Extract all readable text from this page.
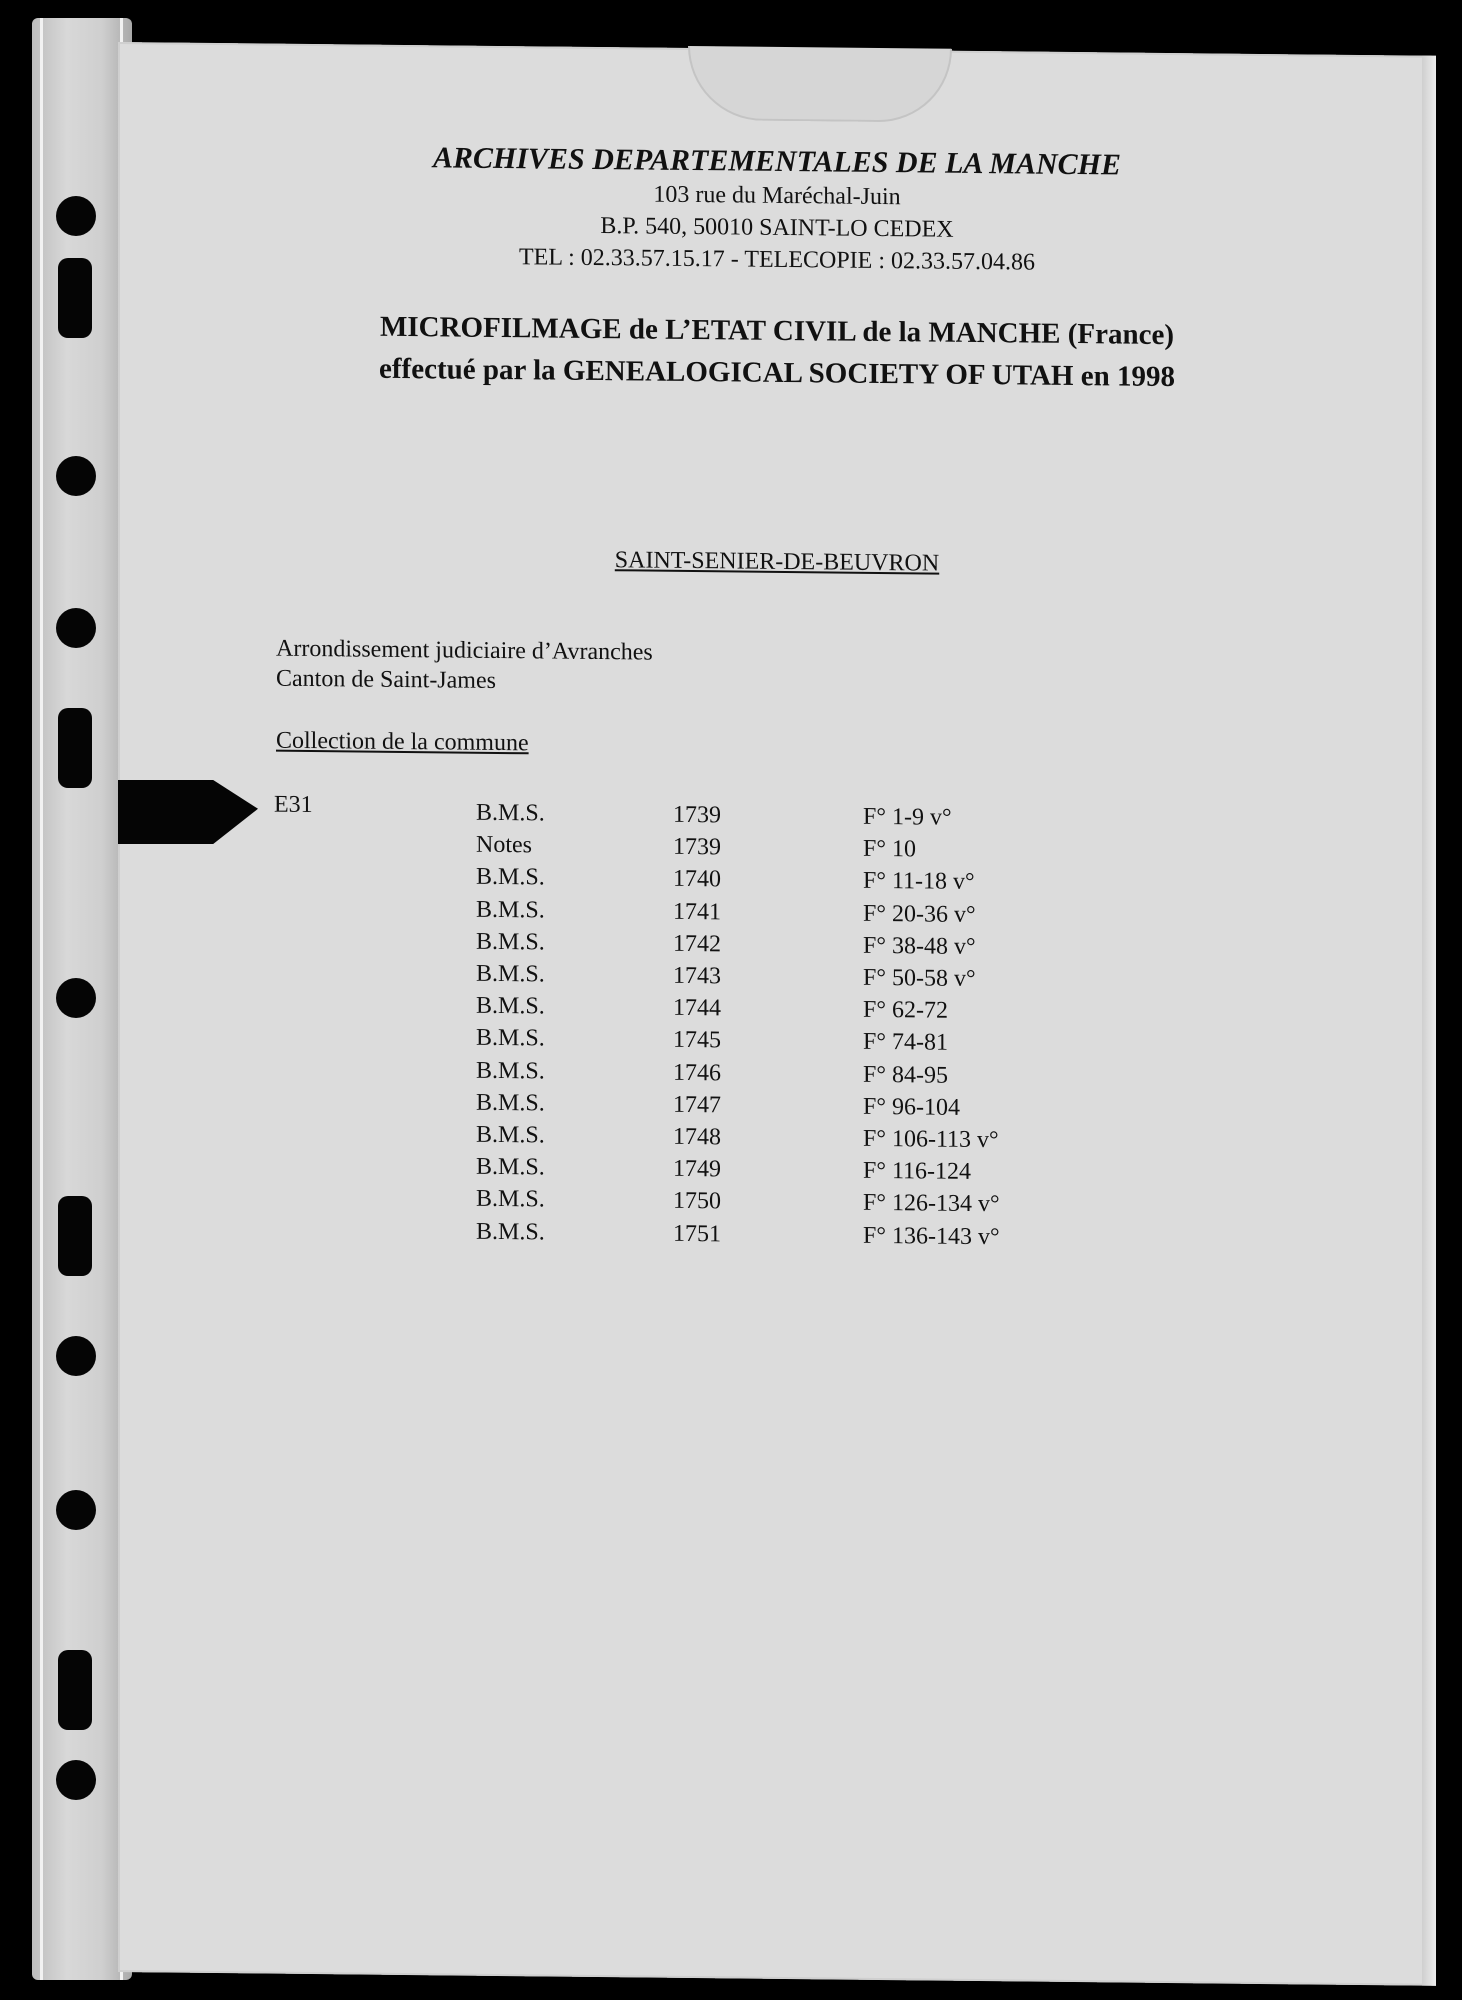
ARCHIVES DEPARTEMENTALES DE LA MANCHE
103 rue du Maréchal-Juin
B.P. 540, 50010 SAINT-LO CEDEX
TEL : 02.33.57.15.17 - TELECOPIE : 02.33.57.04.86
MICROFILMAGE de L’ETAT CIVIL de la MANCHE (France)
effectué par la GENEALOGICAL SOCIETY OF UTAH en 1998
SAINT-SENIER-DE-BEUVRON
Arrondissement judiciaire d’Avranches
Canton de Saint-James
Collection de la commune
E31	B.M.S.	1739	F° 1-9 v°
Notes	1739	F° 10
B.M.S.	1740	F° 11-18 v°
B.M.S.	1741	F° 20-36 v°
B.M.S.	1742	F° 38-48 v°
B.M.S.	1743	F° 50-58 v°
B.M.S.	1744	F° 62-72
B.M.S.	1745	F° 74-81
B.M.S.	1746	F° 84-95
B.M.S.	1747	F° 96-104
B.M.S.	1748	F° 106-113 v°
B.M.S.	1749	F° 116-124
B.M.S.	1750	F° 126-134 v°
B.M.S.	1751	F° 136-143 v°
